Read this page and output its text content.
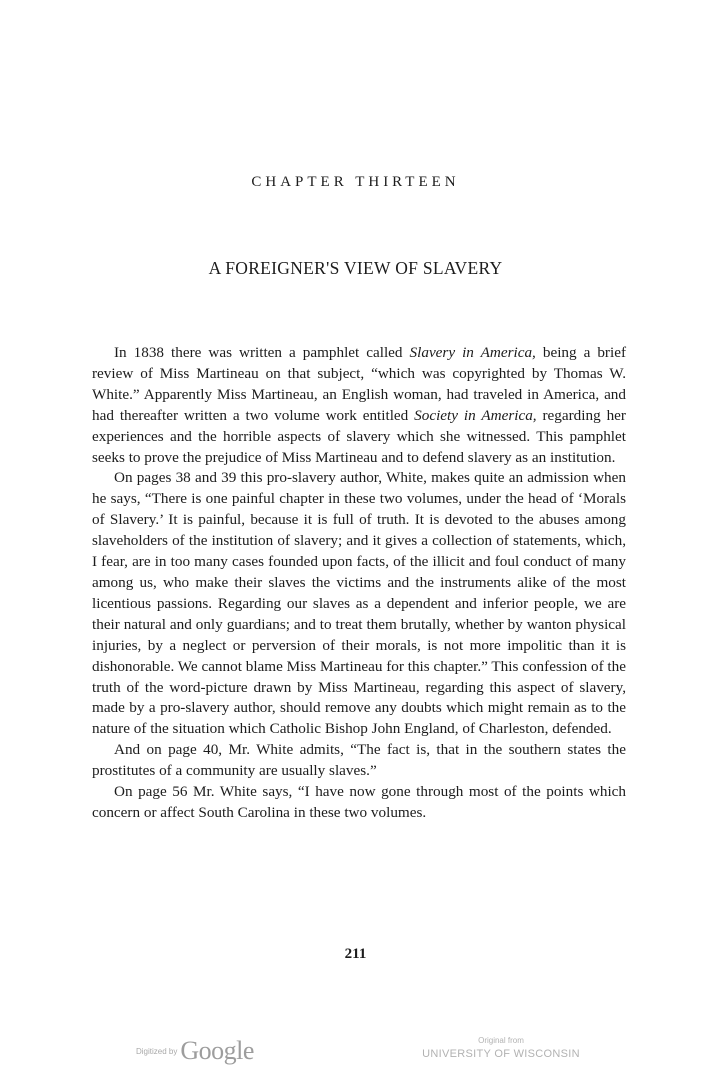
CHAPTER THIRTEEN
A FOREIGNER'S VIEW OF SLAVERY

In 1838 there was written a pamphlet called Slavery in America, being a brief review of Miss Martineau on that subject, “which was copyrighted by Thomas W. White.” Apparently Miss Martineau, an English woman, had traveled in America, and had thereafter written a two volume work entitled Society in America, regarding her experiences and the horrible aspects of slavery which she witnessed. This pamphlet seeks to prove the prejudice of Miss Martineau and to defend slavery as an institution.

On pages 38 and 39 this pro-slavery author, White, makes quite an admission when he says, “There is one painful chapter in these two volumes, under the head of ‘Morals of Slavery.’ It is painful, because it is full of truth. It is devoted to the abuses among slaveholders of the institution of slavery; and it gives a collection of statements, which, I fear, are in too many cases founded upon facts, of the illicit and foul conduct of many among us, who make their slaves the victims and the instruments alike of the most licentious passions. Regarding our slaves as a dependent and inferior people, we are their natural and only guardians; and to treat them brutally, whether by wanton physical injuries, by a neglect or perversion of their morals, is not more impolitic than it is dishonorable. We cannot blame Miss Martineau for this chapter.” This confession of the truth of the word-picture drawn by Miss Martineau, regarding this aspect of slavery, made by a pro-slavery author, should remove any doubts which might remain as to the nature of the situation which Catholic Bishop John England, of Charleston, defended.

And on page 40, Mr. White admits, “The fact is, that in the southern states the prostitutes of a community are usually slaves.”

On page 56 Mr. White says, “I have now gone through most of the points which concern or affect South Carolina in these two volumes.

211
Digitized by Google	Original from
UNIVERSITY OF WISCONSIN
